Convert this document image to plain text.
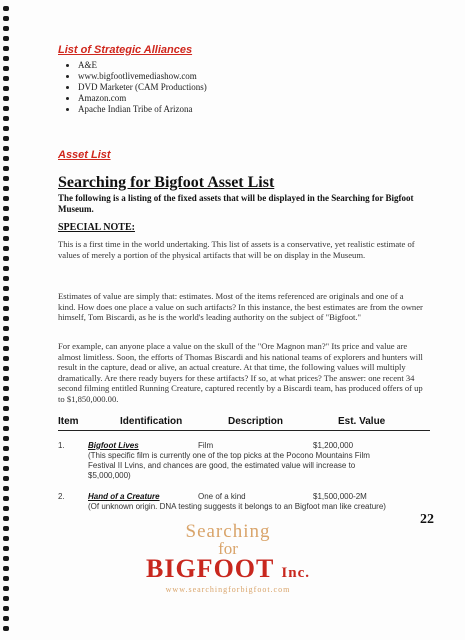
List of Strategic Alliances

• A&E
• www.bigfootlivemediashow.com
• DVD Marketer (CAM Productions)
• Amazon.com
• Apache Indian Tribe of Arizona

Asset List

Searching for Bigfoot Asset List

The following is a listing of the fixed assets that will be displayed in the Searching for Bigfoot Museum.

SPECIAL NOTE:

This is a first time in the world undertaking. This list of assets is a conservative, yet realistic estimate of values of merely a portion of the physical artifacts that will be on display in the Museum.

Estimates of value are simply that: estimates. Most of the items referenced are originals and one of a kind. How does one place a value on such artifacts? In this instance, the best estimates are from the owner himself, Tom Biscardi, as he is the world's leading authority on the subject of "Bigfoot."

For example, can anyone place a value on the skull of the "Ore Magnon man?" Its price and value are almost limitless. Soon, the efforts of Thomas Biscardi and his national teams of explorers and hunters will result in the capture, dead or alive, an actual creature. At that time, the following values will multiply dramatically. Are there ready buyers for these artifacts? If so, at what prices? The answer: one recent 34 second filming entitled Running Creature, captured recently by a Biscardi team, has produced offers of up to $1,850,000.00.

Item	Identification	Description	Est. Value
1.	Bigfoot Lives	Film	$1,200,000
(This specific film is currently one of the top picks at the Pocono Mountains Film Festival II Lvins, and chances are good, the estimated value will increase to $5,000,000)
2.	Hand of a Creature	One of a kind	$1,500,000-2M
(Of unknown origin. DNA testing suggests it belongs to an Bigfoot man like creature)
22
Searching
for
BIGFOOT Inc.
www.searchingforbigfoot.com
